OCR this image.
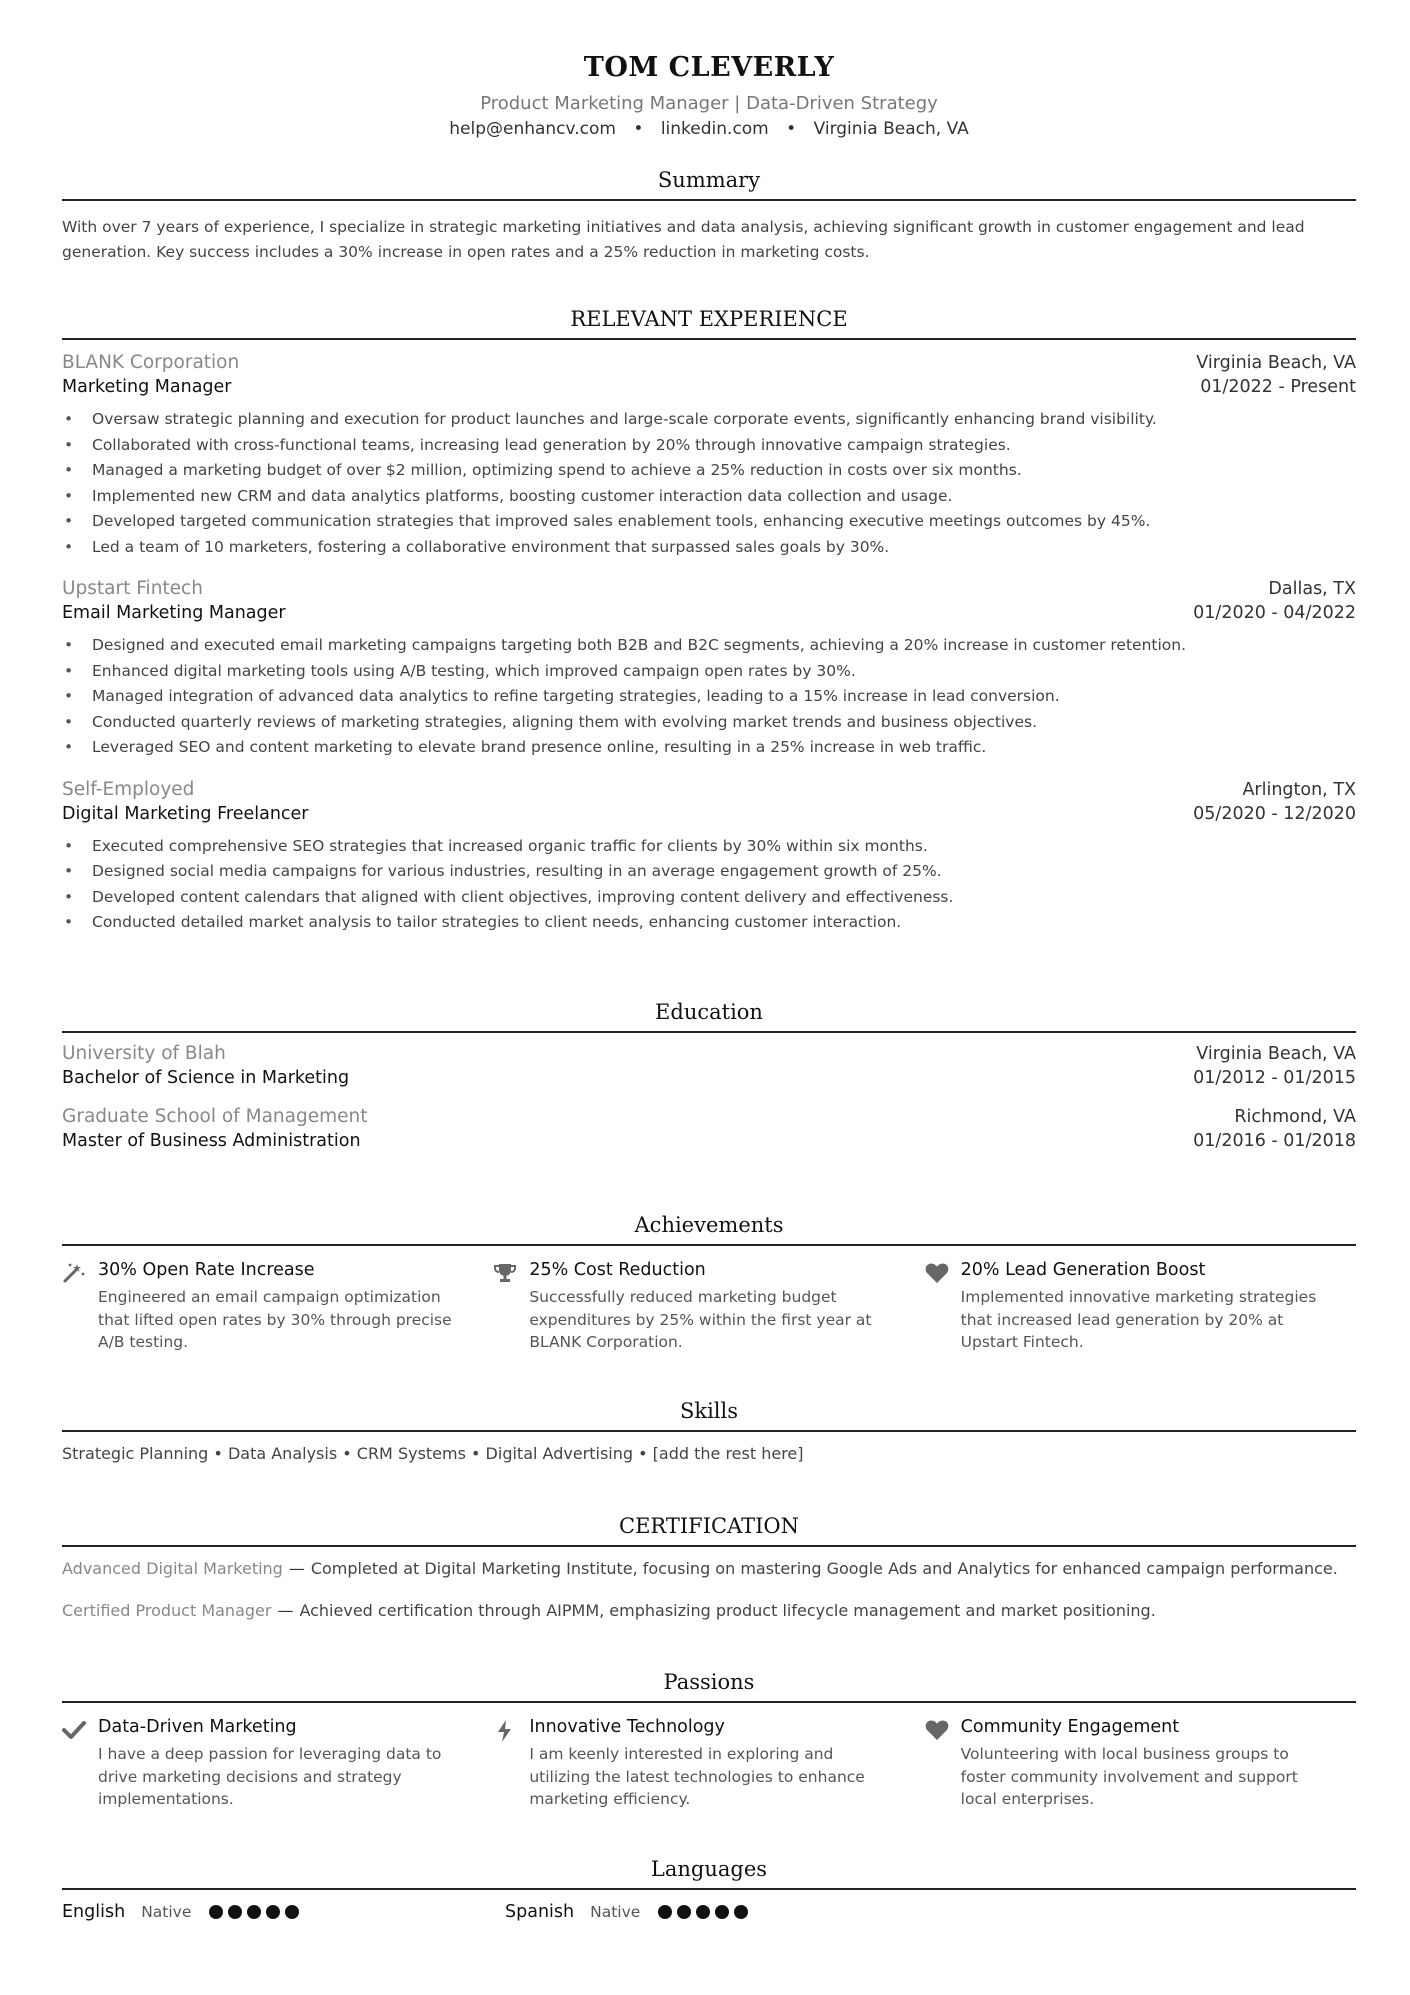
TOM CLEVERLY
Product Marketing Manager | Data-Driven Strategy
help@enhancv.com • linkedin.com • Virginia Beach, VA
Summary
With over 7 years of experience, I specialize in strategic marketing initiatives and data analysis, achieving significant growth in customer engagement and lead generation. Key success includes a 30% increase in open rates and a 25% reduction in marketing costs.
RELEVANT EXPERIENCE
BLANK Corporation	Virginia Beach, VA
Marketing Manager	01/2022 - Present
• Oversaw strategic planning and execution for product launches and large-scale corporate events, significantly enhancing brand visibility.
• Collaborated with cross-functional teams, increasing lead generation by 20% through innovative campaign strategies.
• Managed a marketing budget of over $2 million, optimizing spend to achieve a 25% reduction in costs over six months.
• Implemented new CRM and data analytics platforms, boosting customer interaction data collection and usage.
• Developed targeted communication strategies that improved sales enablement tools, enhancing executive meetings outcomes by 45%.
• Led a team of 10 marketers, fostering a collaborative environment that surpassed sales goals by 30%.
Upstart Fintech	Dallas, TX
Email Marketing Manager	01/2020 - 04/2022
• Designed and executed email marketing campaigns targeting both B2B and B2C segments, achieving a 20% increase in customer retention.
• Enhanced digital marketing tools using A/B testing, which improved campaign open rates by 30%.
• Managed integration of advanced data analytics to refine targeting strategies, leading to a 15% increase in lead conversion.
• Conducted quarterly reviews of marketing strategies, aligning them with evolving market trends and business objectives.
• Leveraged SEO and content marketing to elevate brand presence online, resulting in a 25% increase in web traffic.
Self-Employed	Arlington, TX
Digital Marketing Freelancer	05/2020 - 12/2020
• Executed comprehensive SEO strategies that increased organic traffic for clients by 30% within six months.
• Designed social media campaigns for various industries, resulting in an average engagement growth of 25%.
• Developed content calendars that aligned with client objectives, improving content delivery and effectiveness.
• Conducted detailed market analysis to tailor strategies to client needs, enhancing customer interaction.
Education
University of Blah	Virginia Beach, VA
Bachelor of Science in Marketing	01/2012 - 01/2015
Graduate School of Management	Richmond, VA
Master of Business Administration	01/2016 - 01/2018
Achievements
30% Open Rate Increase
Engineered an email campaign optimization that lifted open rates by 30% through precise A/B testing.
25% Cost Reduction
Successfully reduced marketing budget expenditures by 25% within the first year at BLANK Corporation.
20% Lead Generation Boost
Implemented innovative marketing strategies that increased lead generation by 20% at Upstart Fintech.
Skills
Strategic Planning • Data Analysis • CRM Systems • Digital Advertising • [add the rest here]
CERTIFICATION
Advanced Digital Marketing — Completed at Digital Marketing Institute, focusing on mastering Google Ads and Analytics for enhanced campaign performance.
Certified Product Manager — Achieved certification through AIPMM, emphasizing product lifecycle management and market positioning.
Passions
Data-Driven Marketing
I have a deep passion for leveraging data to drive marketing decisions and strategy implementations.
Innovative Technology
I am keenly interested in exploring and utilizing the latest technologies to enhance marketing efficiency.
Community Engagement
Volunteering with local business groups to foster community involvement and support local enterprises.
Languages
English Native	Spanish Native
